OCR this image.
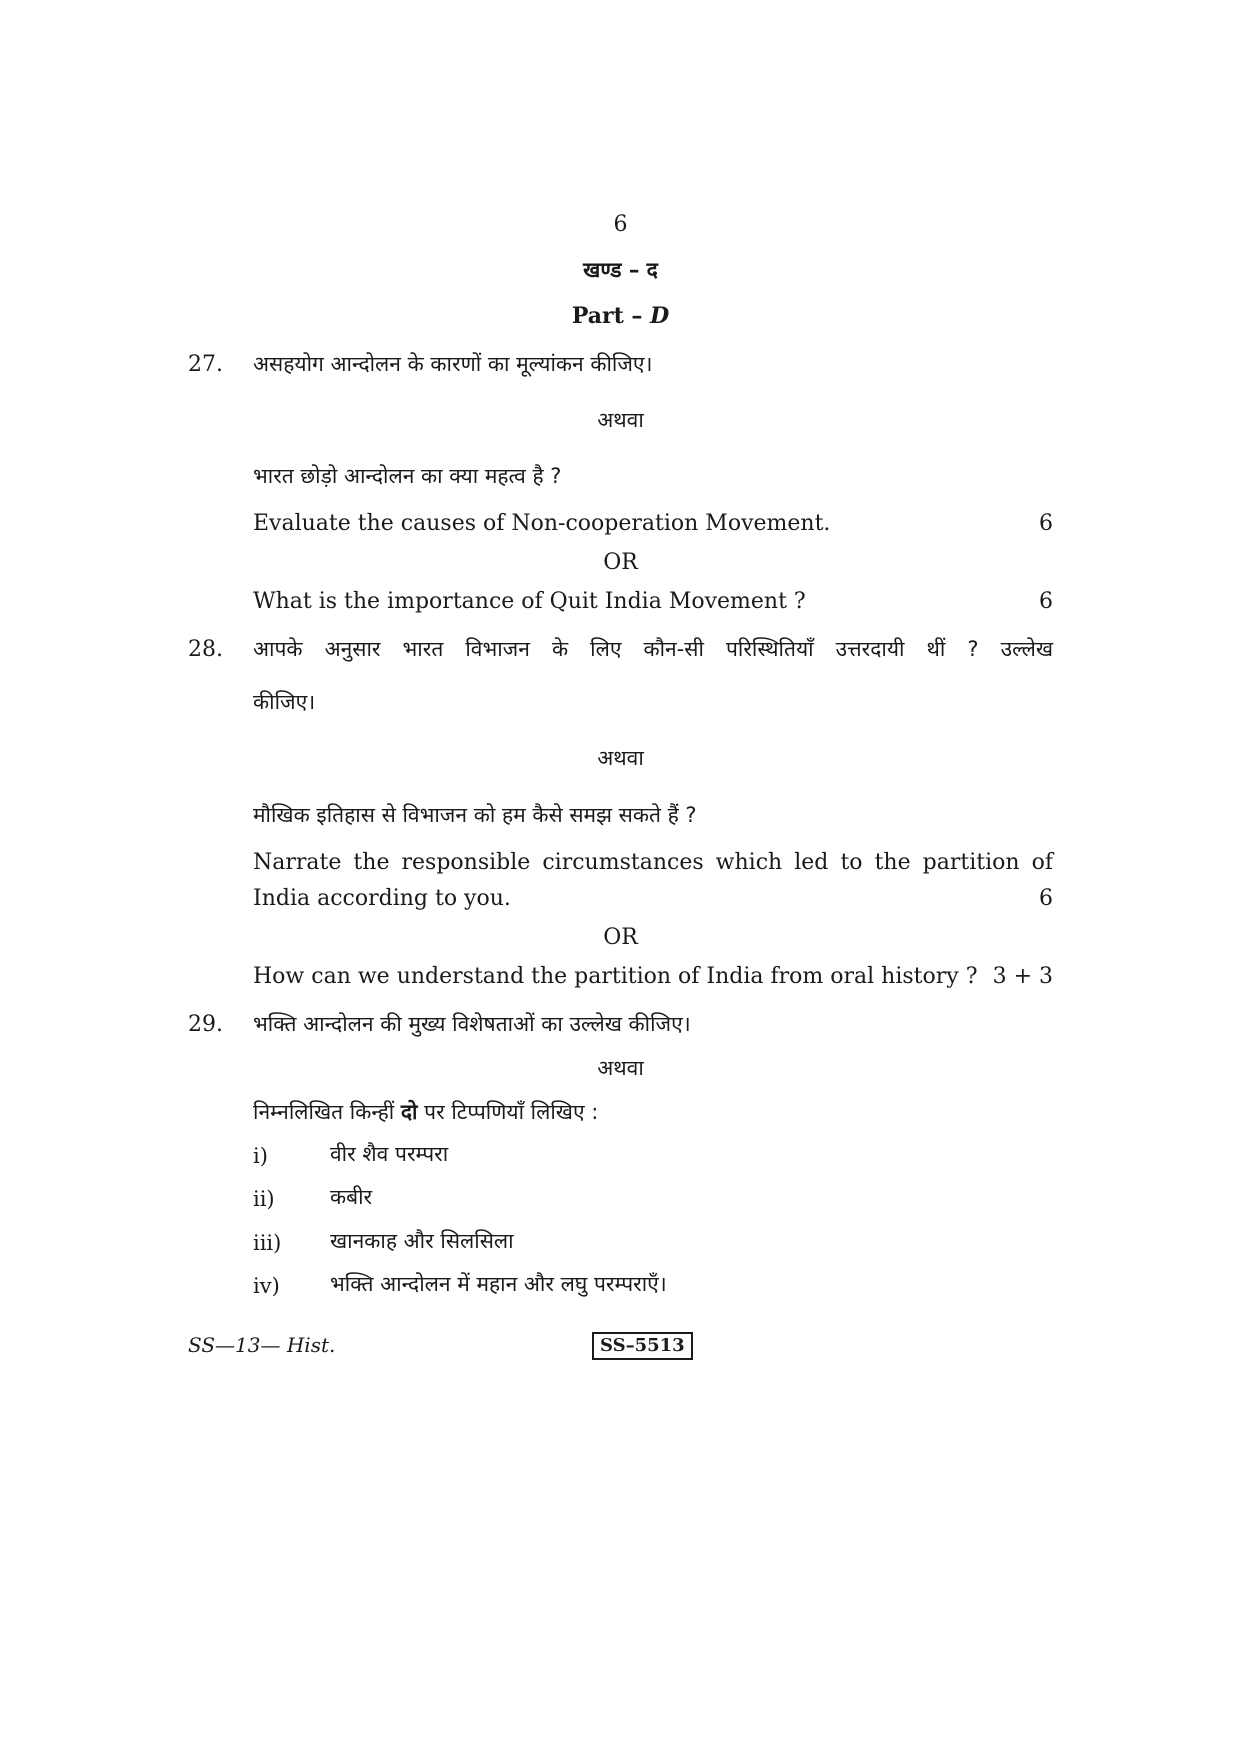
6
खण्ड – द
Part – D
27. असहयोग आन्दोलन के कारणों का मूल्यांकन कीजिए।
अथवा
भारत छोड़ो आन्दोलन का क्या महत्व है ?
Evaluate the causes of Non-cooperation Movement.	6
OR
What is the importance of Quit India Movement ?	6
28. आपके अनुसार भारत विभाजन के लिए कौन-सी परिस्थितियाँ उत्तरदायी थीं ? उल्लेख
कीजिए।
अथवा
मौखिक इतिहास से विभाजन को हम कैसे समझ सकते हैं ?
Narrate the responsible circumstances which led to the partition of
India according to you.	6
OR
How can we understand the partition of India from oral history ? 3 + 3
29. भक्ति आन्दोलन की मुख्य विशेषताओं का उल्लेख कीजिए।
अथवा
निम्नलिखित किन्हीं दो पर टिप्पणियाँ लिखिए :
i)	वीर शैव परम्परा
ii)	कबीर
iii) खानकाह और सिलसिला
iv) भक्ति आन्दोलन में महान और लघु परम्पराएँ।
SS—13— Hist.	SS–5513
